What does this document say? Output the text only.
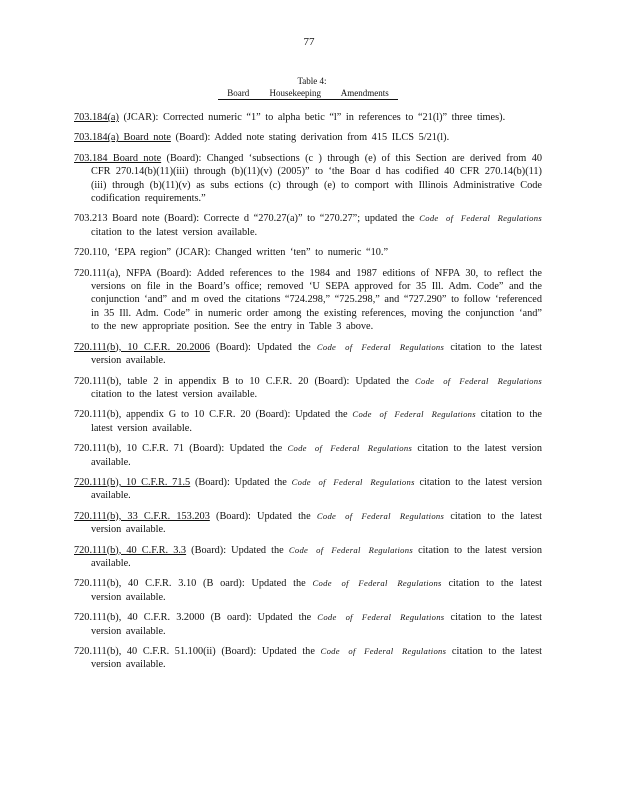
77
Table 4:
Board Housekeeping Amendments

703.184(a) (JCAR): Corrected numeric “1” to alpha betic “l” in references to “21(l)” three times).

703.184(a) Board note (Board): Added note stating derivation from 415 ILCS 5/21(l).

703.184 Board note (Board): Changed ‘subsections (c ) through (e) of this Section are derived from 40 CFR 270.14(b)(11)(iii) through (b)(11)(v) (2005)” to ‘the Boar d has codified 40 CFR 270.14(b)(11)(iii) through (b)(11)(v) as subs ections (c) through (e) to comport with Illinois Administrative Code codification requirements.”

703.213 Board note (Board): Correcte d “270.27(a)” to “270.27”; updated the Code of Federal Regulations citation to the latest version available.

720.110, ‘EPA region” (JCAR): Changed written ‘ten” to numeric “10.”

720.111(a), NFPA (Board): Added references to the 1984 and 1987 editions of NFPA 30, to reflect the versions on file in the Board’s office; removed ‘U SEPA approved for 35 Ill. Adm. Code” and the conjunction ‘and” and m oved the citations “724.298,” “725.298,” and “727.290” to follow ‘referenced in 35 Ill. Adm. Code” in numeric order among the existing references, moving the conjunction ‘and” to the new appropriate position. See the entry in Table 3 above.

720.111(b), 10 C.F.R. 20.2006 (Board): Updated the Code of Federal Regulations citation to the latest version available.

720.111(b), table 2 in appendix B to 10 C.F.R. 20 (Board): Updated the Code of Federal Regulations citation to the latest version available.

720.111(b), appendix G to 10 C.F.R. 20 (Board): Updated the Code of Federal Regulations citation to the latest version available.

720.111(b), 10 C.F.R. 71 (Board): Updated the Code of Federal Regulations citation to the latest version available.

720.111(b), 10 C.F.R. 71.5 (Board): Updated the Code of Federal Regulations citation to the latest version available.

720.111(b), 33 C.F.R. 153.203 (Board): Updated the Code of Federal Regulations citation to the latest version available.

720.111(b), 40 C.F.R. 3.3 (Board): Updated the Code of Federal Regulations citation to the latest version available.

720.111(b), 40 C.F.R. 3.10 (B oard): Updated the Code of Federal Regulations citation to the latest version available.

720.111(b), 40 C.F.R. 3.2000 (B oard): Updated the Code of Federal Regulations citation to the latest version available.

720.111(b), 40 C.F.R. 51.100(ii) (Board): Updated the Code of Federal Regulations citation to the latest version available.
